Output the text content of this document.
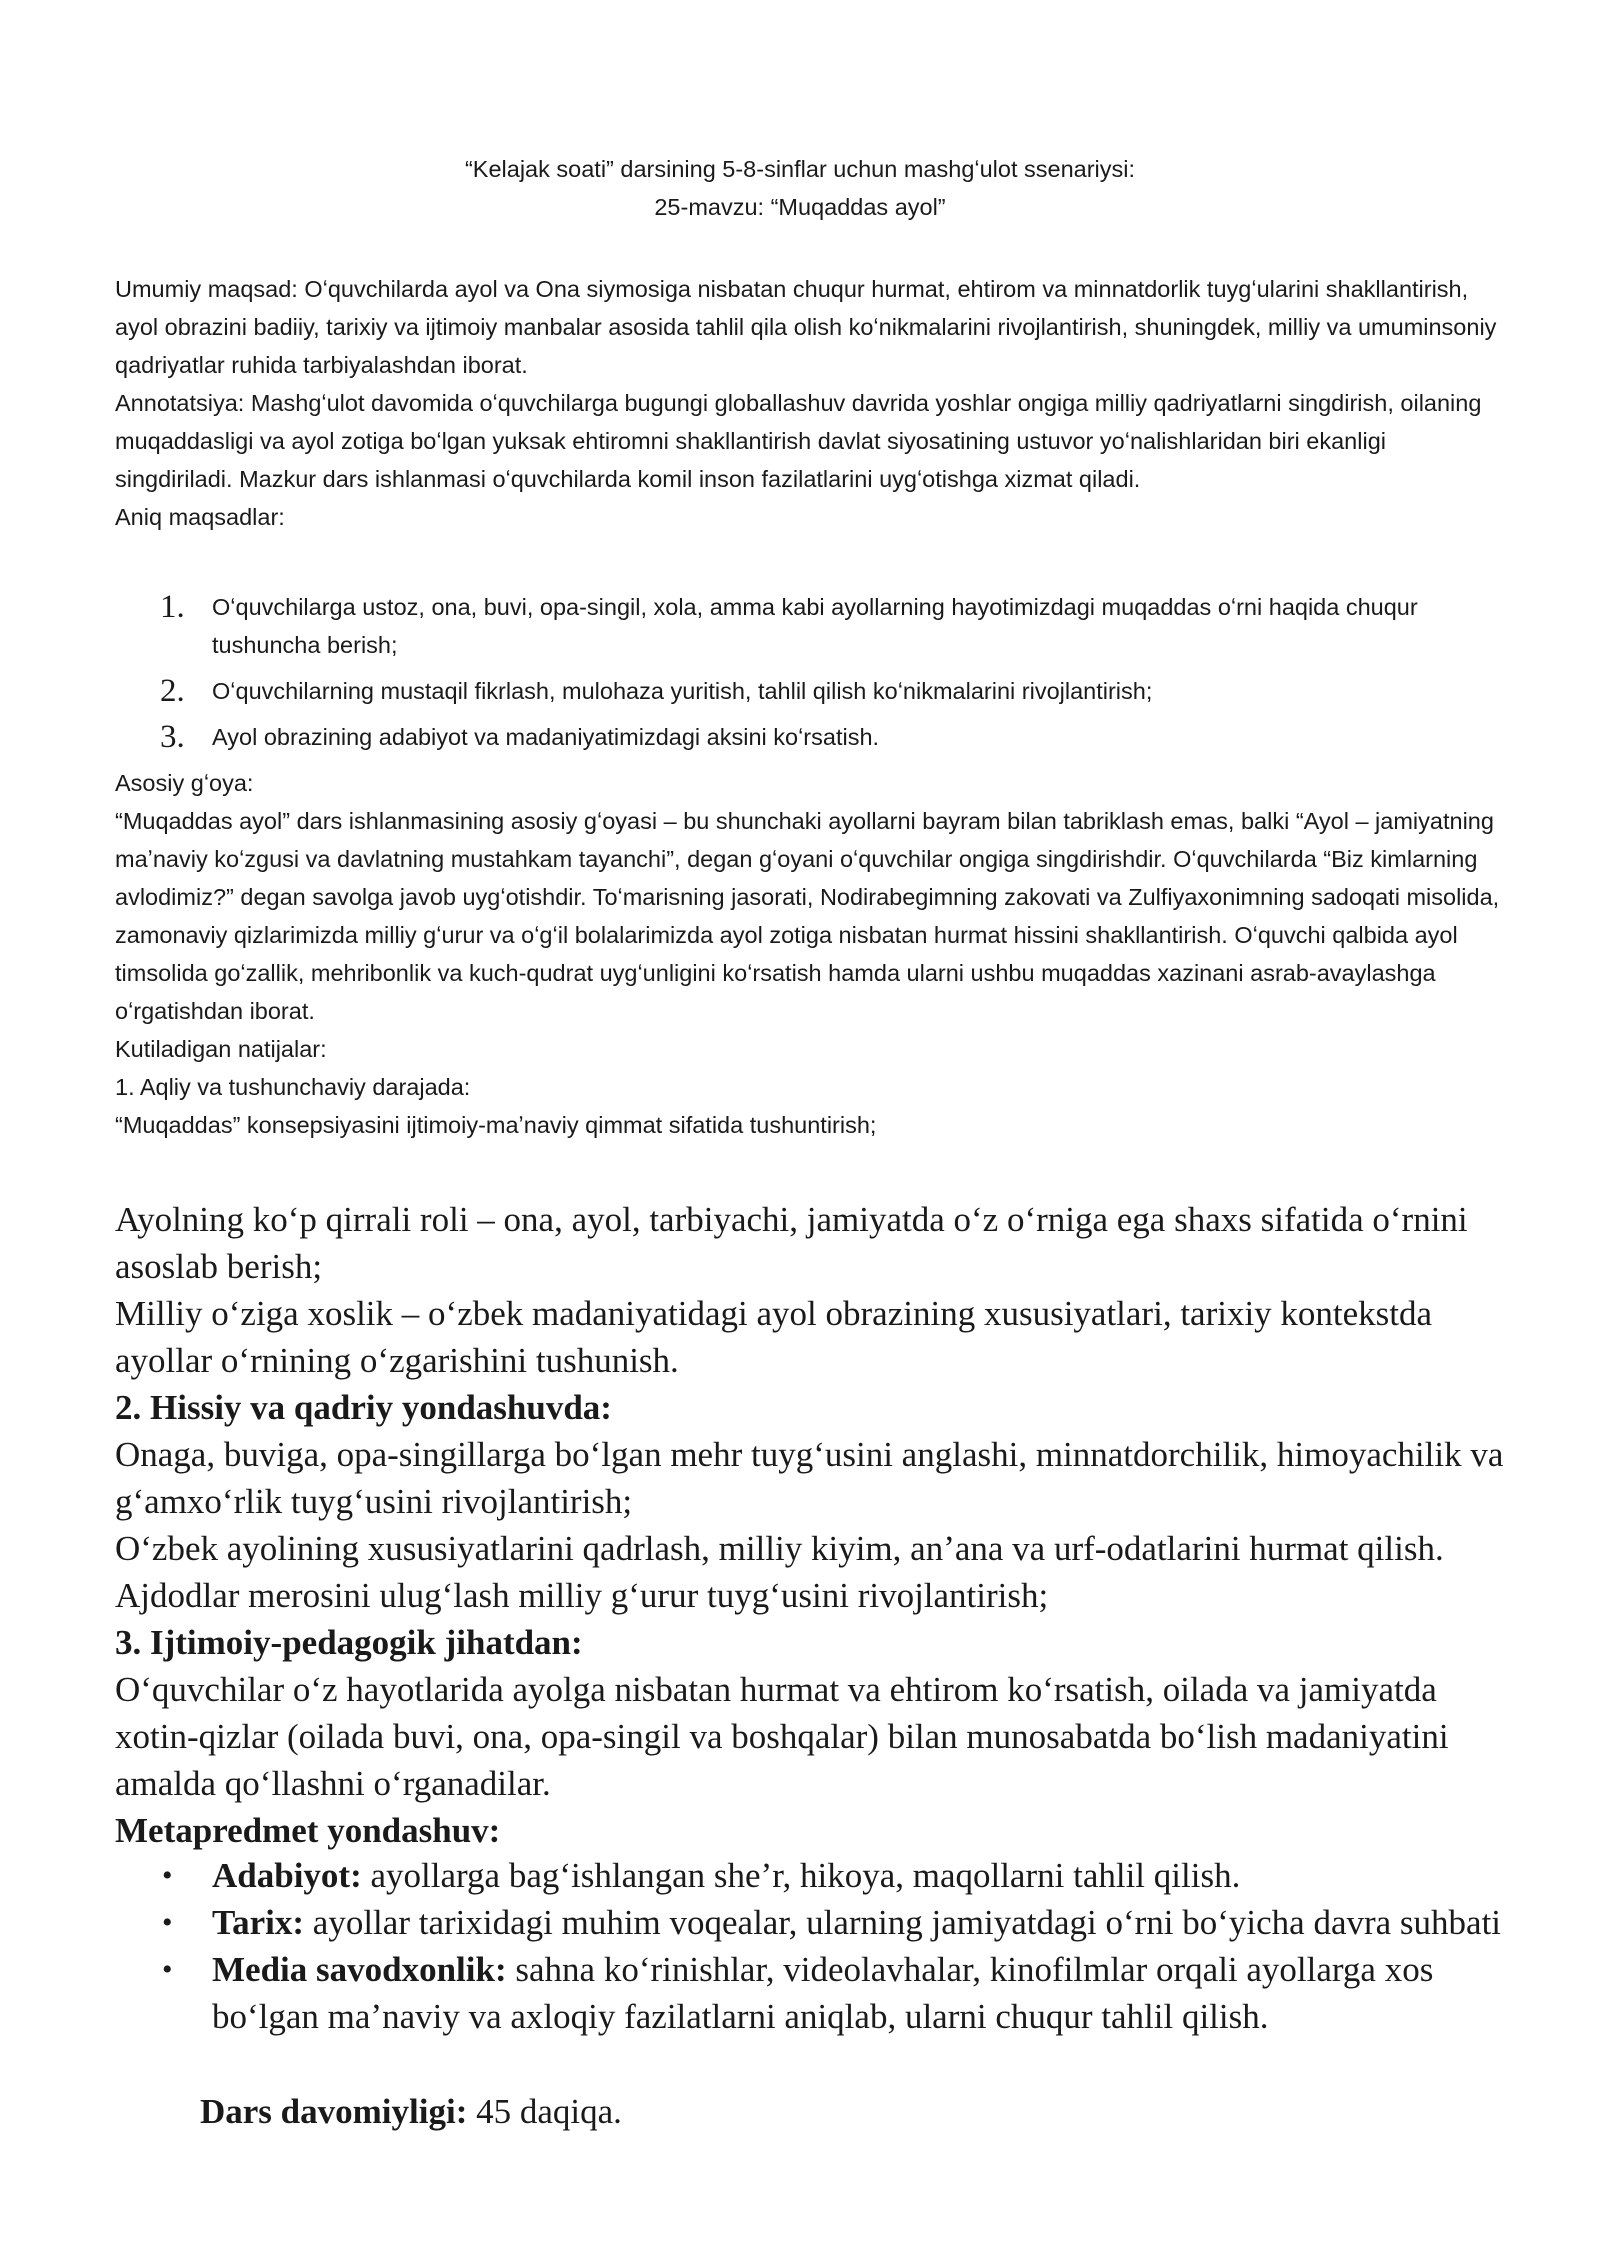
“Kelajak soati” darsining 5-8-sinflar uchun mashgʻulot ssenariysi:
25-mavzu: “Muqaddas ayol”
Umumiy maqsad: Oʻquvchilarda ayol va Ona siymosiga nisbatan chuqur hurmat, ehtirom va minnatdorlik tuygʻularini shakllantirish, ayol obrazini badiiy, tarixiy va ijtimoiy manbalar asosida tahlil qila olish koʻnikmalarini rivojlantirish, shuningdek, milliy va umuminsoniy qadriyatlar ruhida tarbiyalashdan iborat.
Annotatsiya: Mashgʻulot davomida oʻquvchilarga bugungi globallashuv davrida yoshlar ongiga milliy qadriyatlarni singdirish, oilaning muqaddasligi va ayol zotiga boʻlgan yuksak ehtiromni shakllantirish davlat siyosatining ustuvor yoʻnalishlaridan biri ekanligi singdiriladi. Mazkur dars ishlanmasi oʻquvchilarda komil inson fazilatlarini uygʻotishga xizmat qiladi.
Aniq maqsadlar:
1.	Oʻquvchilarga ustoz, ona, buvi, opa-singil, xola, amma kabi ayollarning hayotimizdagi muqaddas oʻrni haqida chuqur tushuncha berish;
2.	Oʻquvchilarning mustaqil fikrlash, mulohaza yuritish, tahlil qilish koʻnikmalarini rivojlantirish;
3.	Ayol obrazining adabiyot va madaniyatimizdagi aksini koʻrsatish.
Asosiy gʻoya:
“Muqaddas ayol” dars ishlanmasining asosiy gʻoyasi – bu shunchaki ayollarni bayram bilan tabriklash emas, balki “Ayol – jamiyatning maʼnaviy koʻzgusi va davlatning mustahkam tayanchi”, degan gʻoyani oʻquvchilar ongiga singdirishdir. Oʻquvchilarda “Biz kimlarning avlodimiz?” degan savolga javob uygʻotishdir. Toʻmarisning jasorati, Nodirabegimning zakovati va Zulfiyaxonimning sadoqati misolida, zamonaviy qizlarimizda milliy gʻurur va oʻgʻil bolalarimizda ayol zotiga nisbatan hurmat hissini shakllantirish. Oʻquvchi qalbida ayol timsolida goʻzallik, mehribonlik va kuch-qudrat uygʻunligini koʻrsatish hamda ularni ushbu muqaddas xazinani asrab-avaylashga oʻrgatishdan iborat.
Kutiladigan natijalar:
1. Aqliy va tushunchaviy darajada:
“Muqaddas” konsepsiyasini ijtimoiy-maʼnaviy qimmat sifatida tushuntirish;
Ayolning koʻp qirrali roli – ona, ayol, tarbiyachi, jamiyatda oʻz oʻrniga ega shaxs sifatida oʻrnini asoslab berish;
Milliy oʻziga xoslik – oʻzbek madaniyatidagi ayol obrazining xususiyatlari, tarixiy kontekstda ayollar oʻrnining oʻzgarishini tushunish.
2. Hissiy va qadriy yondashuvda:
Onaga, buviga, opa-singillarga boʻlgan mehr tuygʻusini anglashi, minnatdorchilik, himoyachilik va gʻamxoʻrlik tuygʻusini rivojlantirish;
Oʻzbek ayolining xususiyatlarini qadrlash, milliy kiyim, anʼana va urf-odatlarini hurmat qilish. Ajdodlar merosini ulugʻlash milliy gʻurur tuygʻusini rivojlantirish;
3. Ijtimoiy-pedagogik jihatdan:
Oʻquvchilar oʻz hayotlarida ayolga nisbatan hurmat va ehtirom koʻrsatish, oilada va jamiyatda xotin-qizlar (oilada buvi, ona, opa-singil va boshqalar) bilan munosabatda boʻlish madaniyatini amalda qoʻllashni oʻrganadilar.
Metapredmet yondashuv:
•	Adabiyot: ayollarga bagʻishlangan sheʼr, hikoya, maqollarni tahlil qilish.
•	Tarix: ayollar tarixidagi muhim voqealar, ularning jamiyatdagi oʻrni boʻyicha davra suhbati
•	Media savodxonlik: sahna koʻrinishlar, videolavhalar, kinofilmlar orqali ayollarga xos boʻlgan maʼnaviy va axloqiy fazilatlarni aniqlab, ularni chuqur tahlil qilish.
Dars davomiyligi: 45 daqiqa.
